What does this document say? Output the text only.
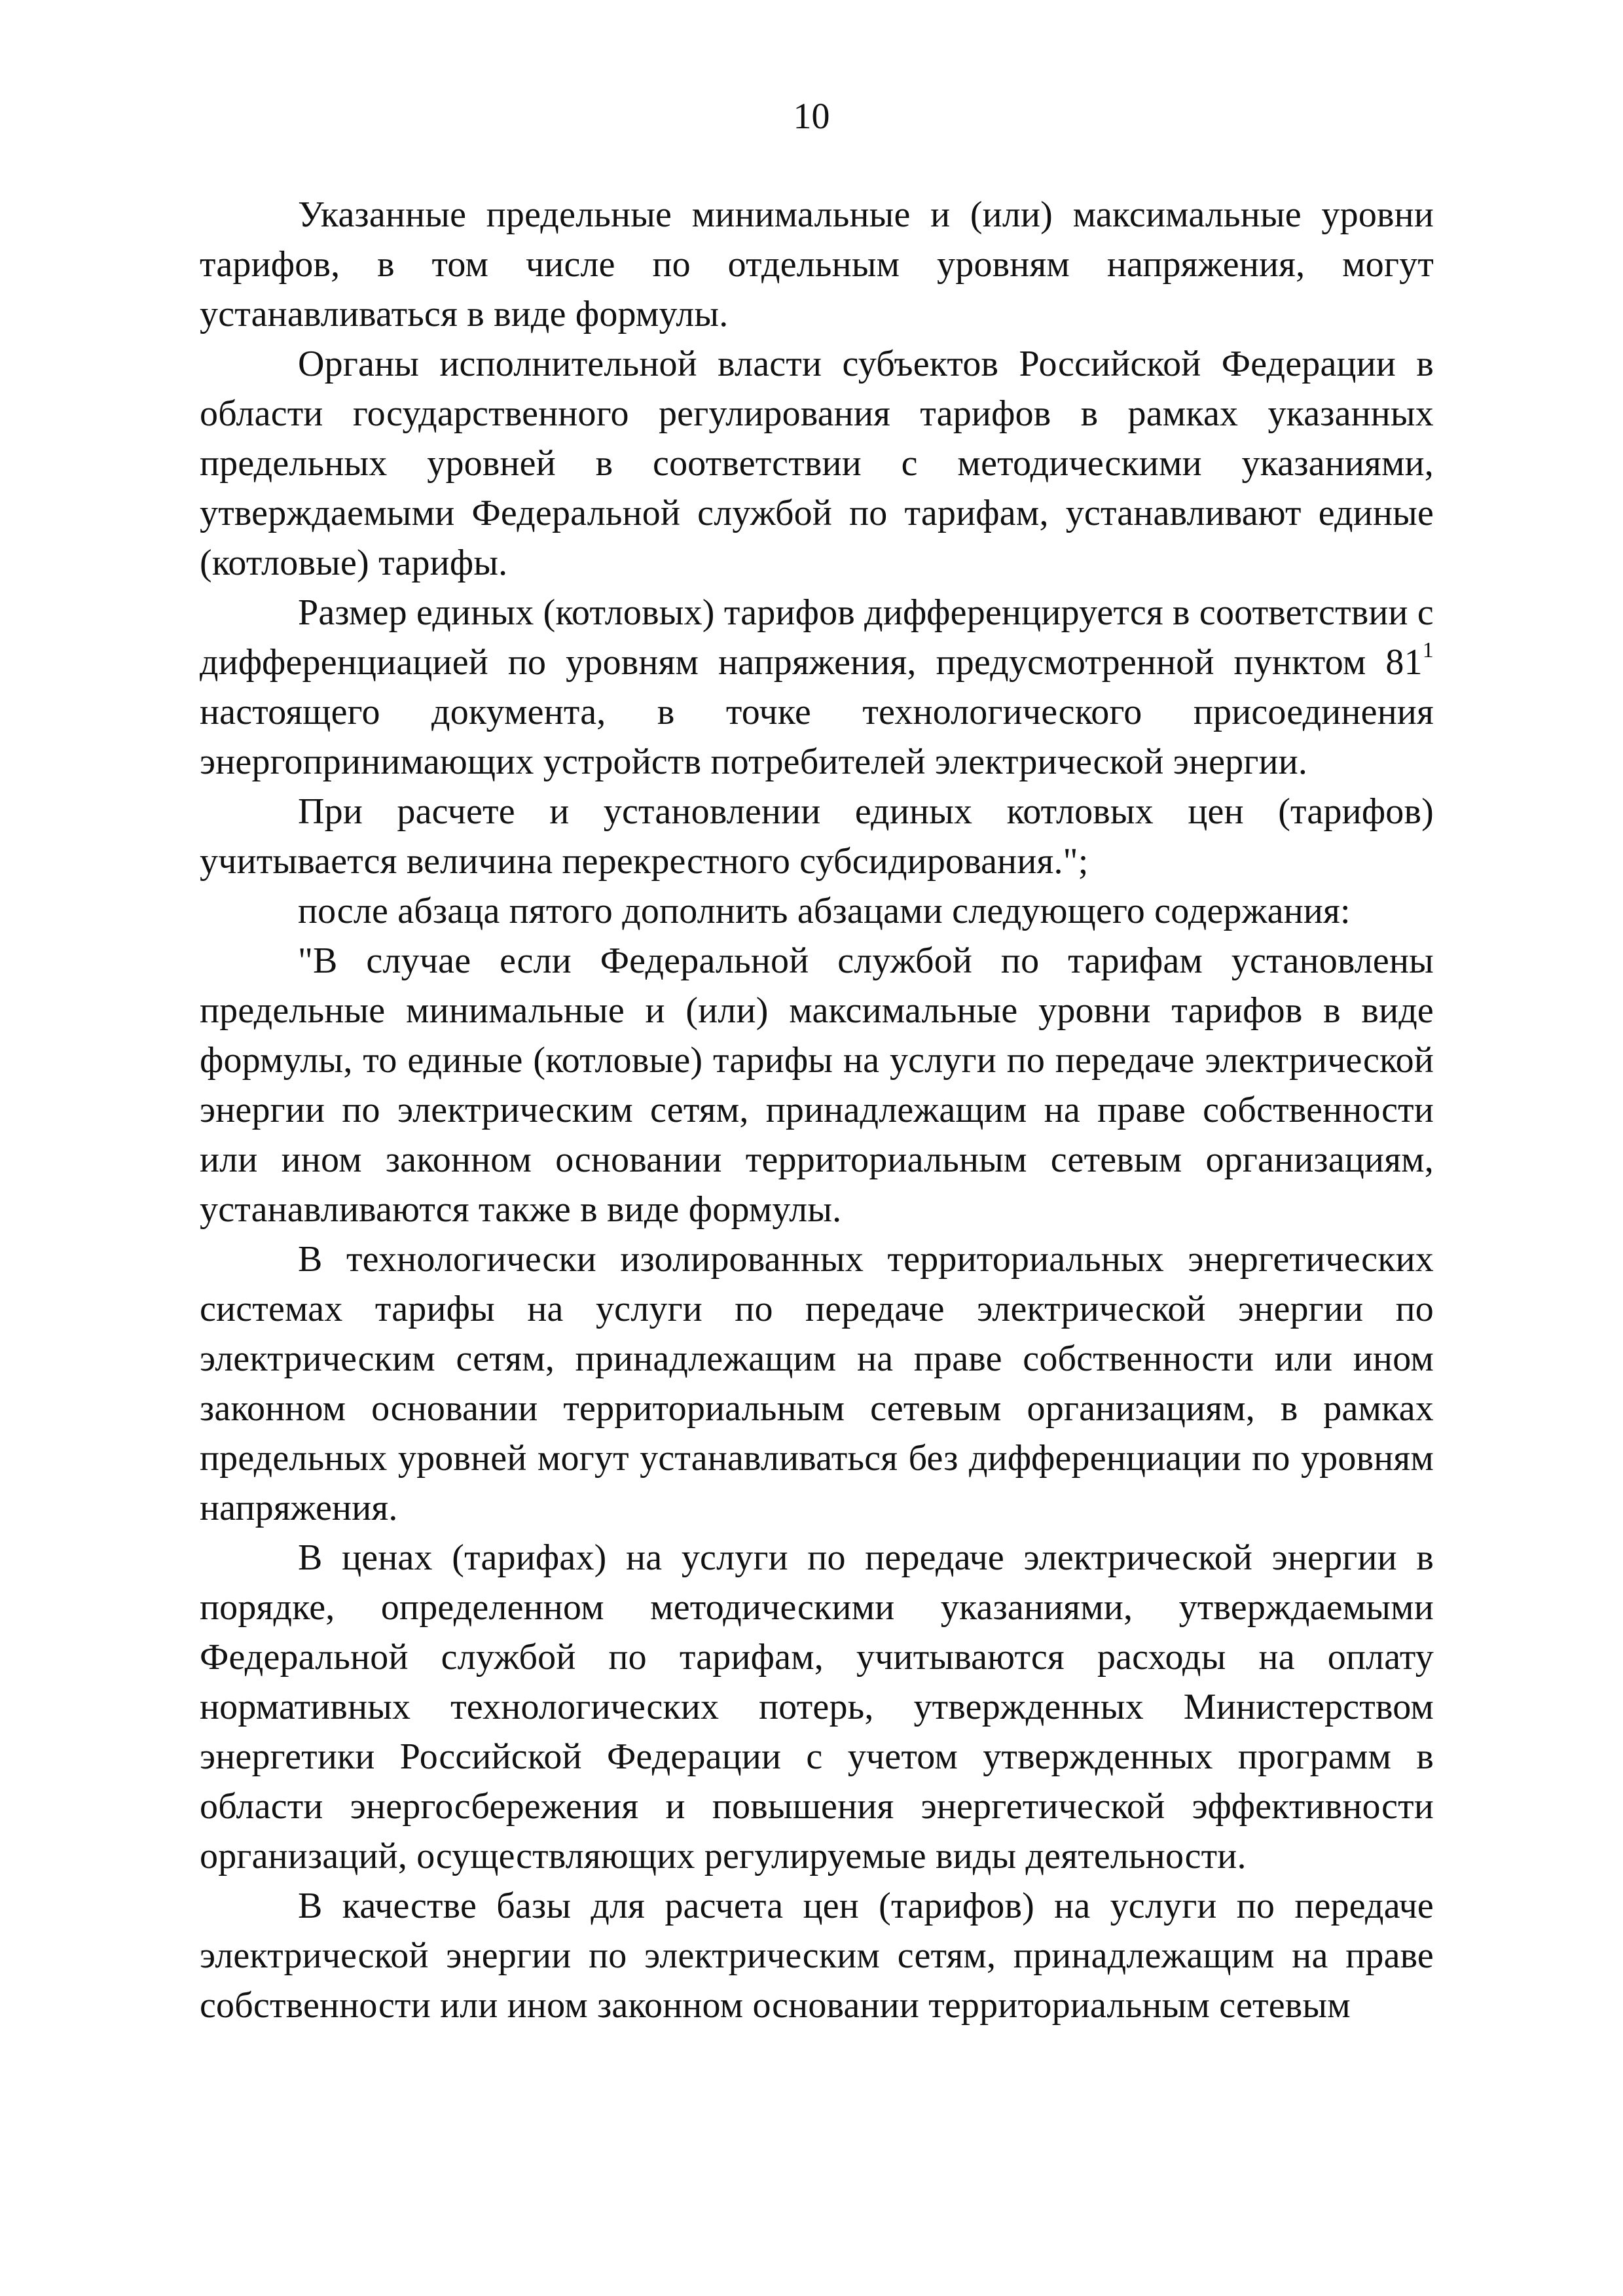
10

Указанные предельные минимальные и (или) максимальные уровни тарифов, в том числе по отдельным уровням напряжения, могут устанавливаться в виде формулы.

Органы исполнительной власти субъектов Российской Федерации в области государственного регулирования тарифов в рамках указанных предельных уровней в соответствии с методическими указаниями, утверждаемыми Федеральной службой по тарифам, устанавливают единые (котловые) тарифы.

Размер единых (котловых) тарифов дифференцируется в соответствии с дифференциацией по уровням напряжения, предусмотренной пунктом $81^1$ настоящего документа, в точке технологического присоединения энергопринимающих устройств потребителей электрической энергии.

При расчете и установлении единых котловых цен (тарифов) учитывается величина перекрестного субсидирования.";

после абзаца пятого дополнить абзацами следующего содержания:

"В случае если Федеральной службой по тарифам установлены предельные минимальные и (или) максимальные уровни тарифов в виде формулы, то единые (котловые) тарифы на услуги по передаче электрической энергии по электрическим сетям, принадлежащим на праве собственности или ином законном основании территориальным сетевым организациям, устанавливаются также в виде формулы.

В технологически изолированных территориальных энергетических системах тарифы на услуги по передаче электрической энергии по электрическим сетям, принадлежащим на праве собственности или ином законном основании территориальным сетевым организациям, в рамках предельных уровней могут устанавливаться без дифференциации по уровням напряжения.

В ценах (тарифах) на услуги по передаче электрической энергии в порядке, определенном методическими указаниями, утверждаемыми Федеральной службой по тарифам, учитываются расходы на оплату нормативных технологических потерь, утвержденных Министерством энергетики Российской Федерации с учетом утвержденных программ в области энергосбережения и повышения энергетической эффективности организаций, осуществляющих регулируемые виды деятельности.

В качестве базы для расчета цен (тарифов) на услуги по передаче электрической энергии по электрическим сетям, принадлежащим на праве собственности или ином законном основании территориальным сетевым
